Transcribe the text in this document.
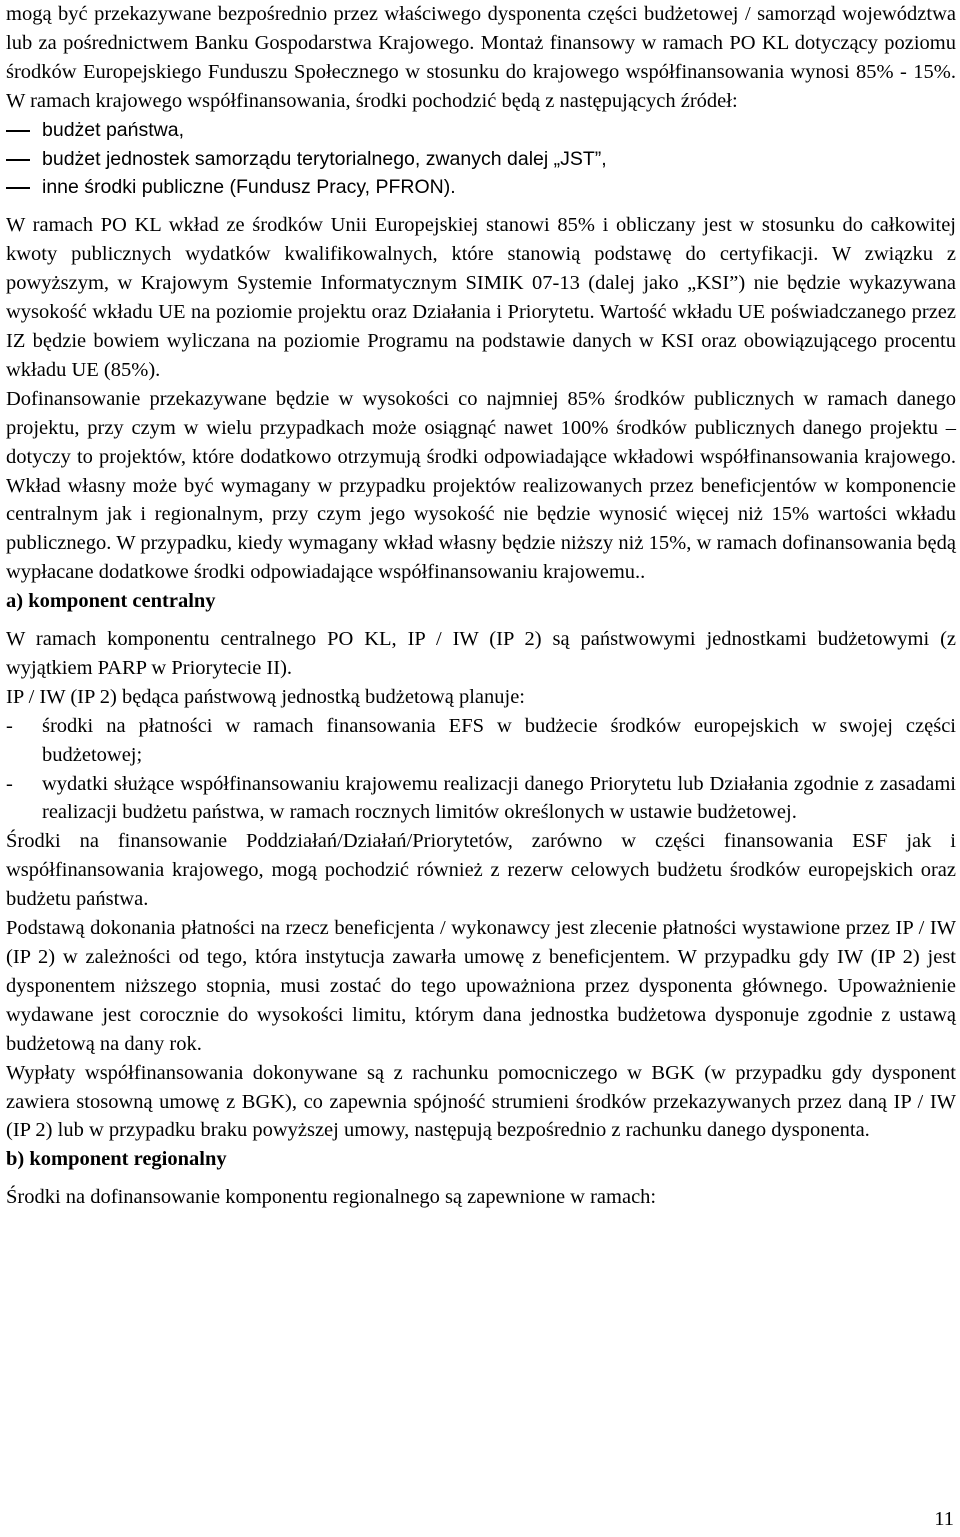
mogą być przekazywane bezpośrednio przez właściwego dysponenta części budżetowej / samorząd województwa lub za pośrednictwem Banku Gospodarstwa Krajowego. Montaż finansowy w ramach PO KL dotyczący poziomu środków Europejskiego Funduszu Społecznego w stosunku do krajowego współfinansowania wynosi 85% - 15%. W ramach krajowego współfinansowania, środki pochodzić będą z następujących źródeł:

budżet państwa,
budżet jednostek samorządu terytorialnego, zwanych dalej „JST”,
inne środki publiczne (Fundusz Pracy, PFRON).

W ramach PO KL wkład ze środków Unii Europejskiej stanowi 85% i obliczany jest w stosunku do całkowitej kwoty publicznych wydatków kwalifikowalnych, które stanowią podstawę do certyfikacji. W związku z powyższym, w Krajowym Systemie Informatycznym SIMIK 07-13 (dalej jako „KSI”) nie będzie wykazywana wysokość wkładu UE na poziomie projektu oraz Działania i Priorytetu. Wartość wkładu UE poświadczanego przez IZ będzie bowiem wyliczana na poziomie Programu na podstawie danych w KSI oraz obowiązującego procentu wkładu UE (85%).

Dofinansowanie przekazywane będzie w wysokości co najmniej 85% środków publicznych w ramach danego projektu, przy czym w wielu przypadkach może osiągnąć nawet 100% środków publicznych danego projektu – dotyczy to projektów, które dodatkowo otrzymują środki odpowiadające wkładowi współfinansowania krajowego. Wkład własny może być wymagany w przypadku projektów realizowanych przez beneficjentów w komponencie centralnym jak i regionalnym, przy czym jego wysokość nie będzie wynosić więcej niż 15% wartości wkładu publicznego. W przypadku, kiedy wymagany wkład własny będzie niższy niż 15%, w ramach dofinansowania będą wypłacane dodatkowe środki odpowiadające współfinansowaniu krajowemu..

a) komponent centralny

W ramach komponentu centralnego PO KL, IP / IW (IP 2) są państwowymi jednostkami budżetowymi (z wyjątkiem PARP w Priorytecie II).

IP / IW (IP 2) będąca państwową jednostką budżetową planuje:

- środki na płatności w ramach finansowania EFS w budżecie środków europejskich w swojej części budżetowej;
- wydatki służące współfinansowaniu krajowemu realizacji danego Priorytetu lub Działania zgodnie z zasadami realizacji budżetu państwa, w ramach rocznych limitów określonych w ustawie budżetowej.

Środki na finansowanie Poddziałań/Działań/Priorytetów, zarówno w części finansowania ESF jak i współfinansowania krajowego, mogą pochodzić również z rezerw celowych budżetu środków europejskich oraz budżetu państwa.

Podstawą dokonania płatności na rzecz beneficjenta / wykonawcy jest zlecenie płatności wystawione przez IP / IW (IP 2) w zależności od tego, która instytucja zawarła umowę z beneficjentem. W przypadku gdy IW (IP 2) jest dysponentem niższego stopnia, musi zostać do tego upoważniona przez dysponenta głównego. Upoważnienie wydawane jest corocznie do wysokości limitu, którym dana jednostka budżetowa dysponuje zgodnie z ustawą budżetową na dany rok.

Wypłaty współfinansowania dokonywane są z rachunku pomocniczego w BGK (w przypadku gdy dysponent zawiera stosowną umowę z BGK), co zapewnia spójność strumieni środków przekazywanych przez daną IP / IW (IP 2) lub w przypadku braku powyższej umowy, następują bezpośrednio z rachunku danego dysponenta.

b) komponent regionalny

Środki na dofinansowanie komponentu regionalnego są zapewnione w ramach:

11
